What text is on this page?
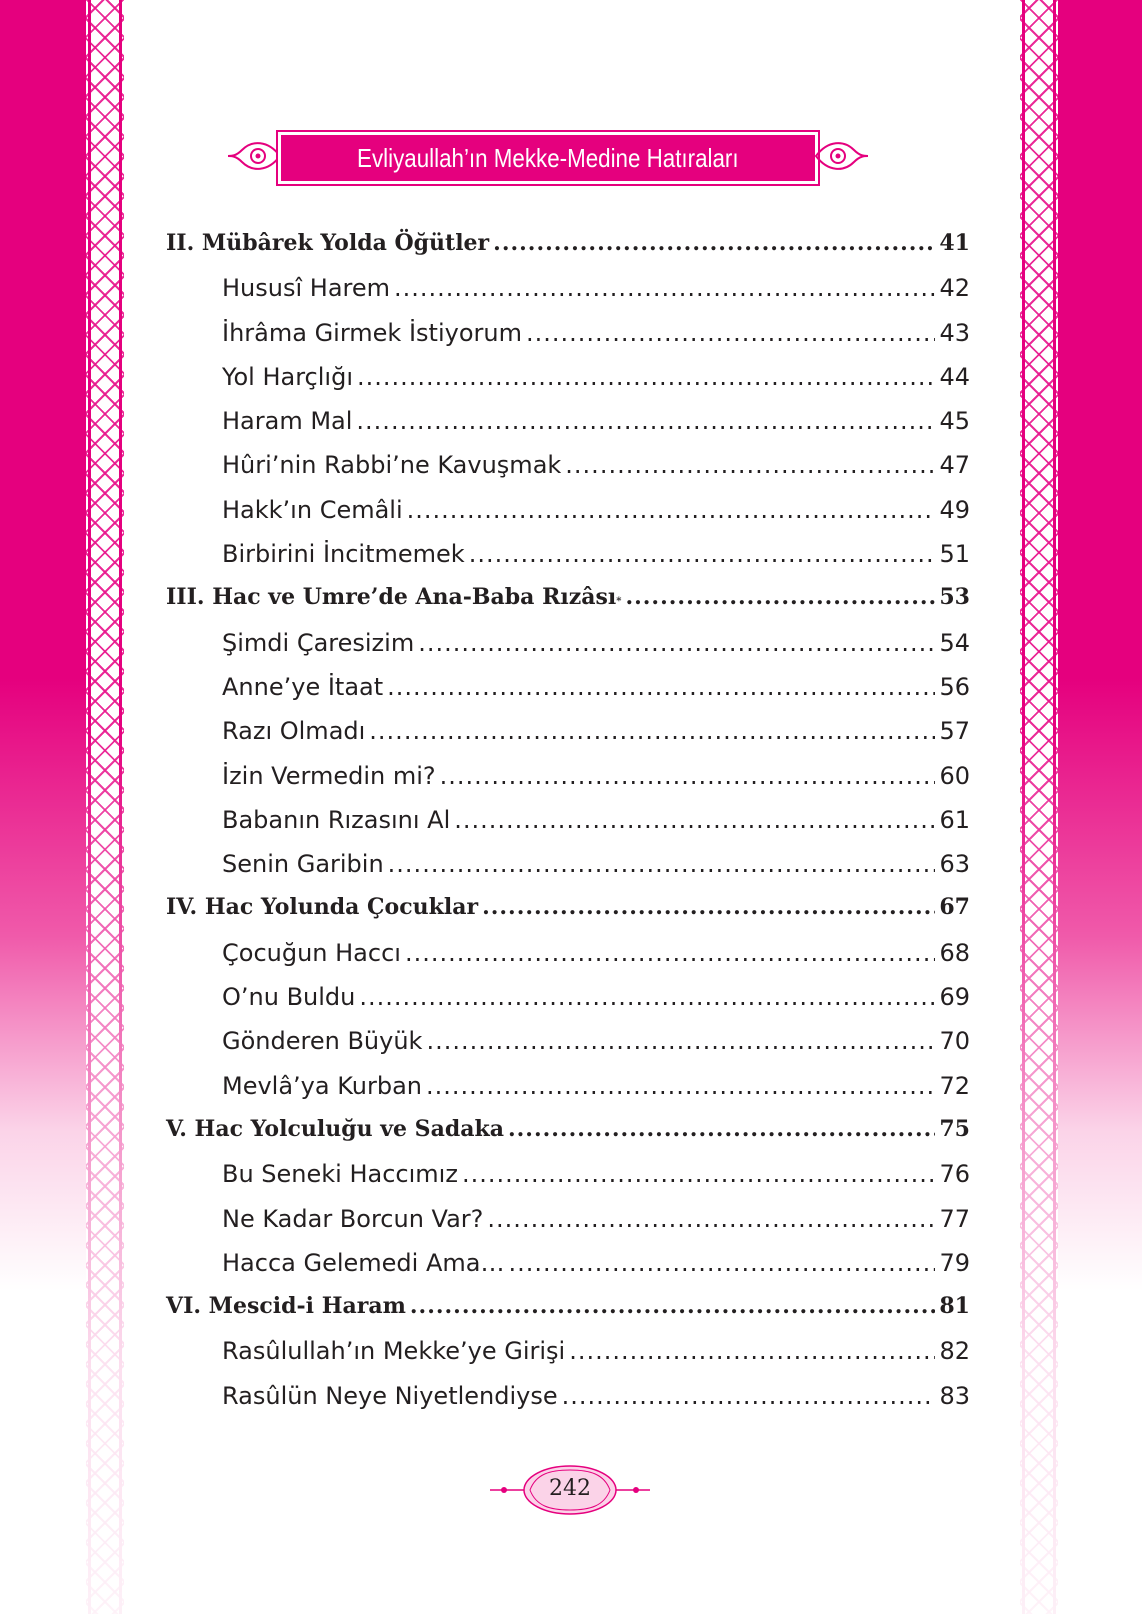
Evliyaullah’ın Mekke-Medine Hatıraları
II. Mübârek Yolda Öğütler .....	41
Hususî Harem .....	42
İhrâma Girmek İstiyorum .....	43
Yol Harçlığı .....	44
Haram Mal .....	45
Hûri’nin Rabbi’ne Kavuşmak .....	47
Hakk’ın Cemâli .....	49
Birbirini İncitmemek .....	51
III. Hac ve Umre’de Ana-Baba Rızâsı$_*$ .....	53
Şimdi Çaresizim .....	54
Anne’ye İtaat .....	56
Razı Olmadı .....	57
İzin Vermedin mi? .....	60
Babanın Rızasını Al .....	61
Senin Garibin .....	63
IV. Hac Yolunda Çocuklar .....	67
Çocuğun Haccı .....	68
O’nu Buldu .....	69
Gönderen Büyük .....	70
Mevlâ’ya Kurban .....	72
V. Hac Yolculuğu ve Sadaka .....	75
Bu Seneki Haccımız .....	76
Ne Kadar Borcun Var? .....	77
Hacca Gelemedi Ama… .....	79
VI. Mescid-i Haram .....	81
Rasûlullah’ın Mekke’ye Girişi .....	82
Rasûlün Neye Niyetlendiyse .....	83
242
